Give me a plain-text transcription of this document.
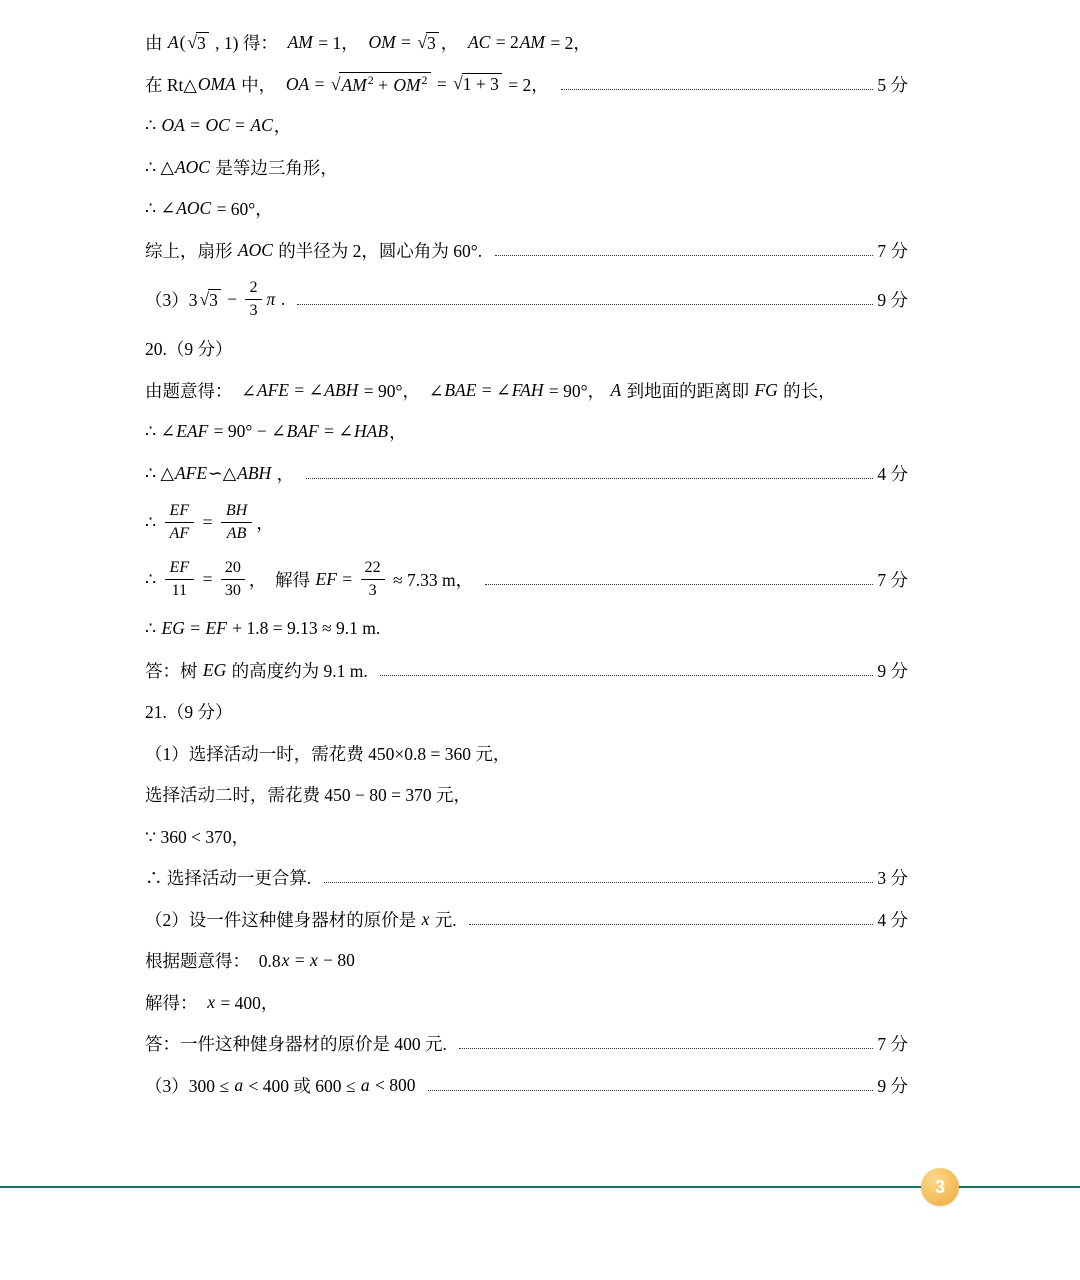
由 A ( √ 3 , 1) 得： AM = 1， OM = √ 3 ， AC = 2 AM = 2，
在 Rt△ OMA 中， OA = √ $AM^2 + OM^2$ = √ 1 + 3 = 2，	5 分
∴ OA = OC = AC ，
∴ △ AOC 是等边三角形，
∴ ∠ AOC = 60°，
综上，扇形 AOC 的半径为 2，圆心角为 60°.	7 分
（3）3 √ $3 - \frac{2}{3}$ π .	9 分
20.（9 分）
由题意得：  ∠ AFE = ∠ ABH = 90°，  ∠ BAE = ∠ FAH = 90°， A 到地面的距离即 FG 的长，
∴ ∠ EAF = 90° − ∠ BAF = ∠ HAB ，
∴ △ AFE ∽△ ABH ，	4 分
∴ $\frac{EF}{AF} = \frac{BH}{AB}$ ，
∴ $\frac{EF}{11} = \frac{20}{30}$ ，  解得 EF = $\frac{22}{3} \approx 7.33$ m，	7 分
∴ EG = EF + 1.8 = 9.13 ≈ 9.1 m.
答：树 EG 的高度约为 9.1 m.	9 分
21.（9 分）
（1）选择活动一时，需花费 450×0.8 = 360 元，
选择活动二时，需花费 450 − 80 = 370 元，
∵ 360 < 370，
∴ 选择活动一更合算.	3 分
（2）设一件这种健身器材的原价是 x 元.	4 分
根据题意得：  0.8 x = x − 80
解得： x = 400，
答：一件这种健身器材的原价是 400 元.	7 分
（3）300 ≤ a < 400 或 600 ≤ a < 800	9 分
3
